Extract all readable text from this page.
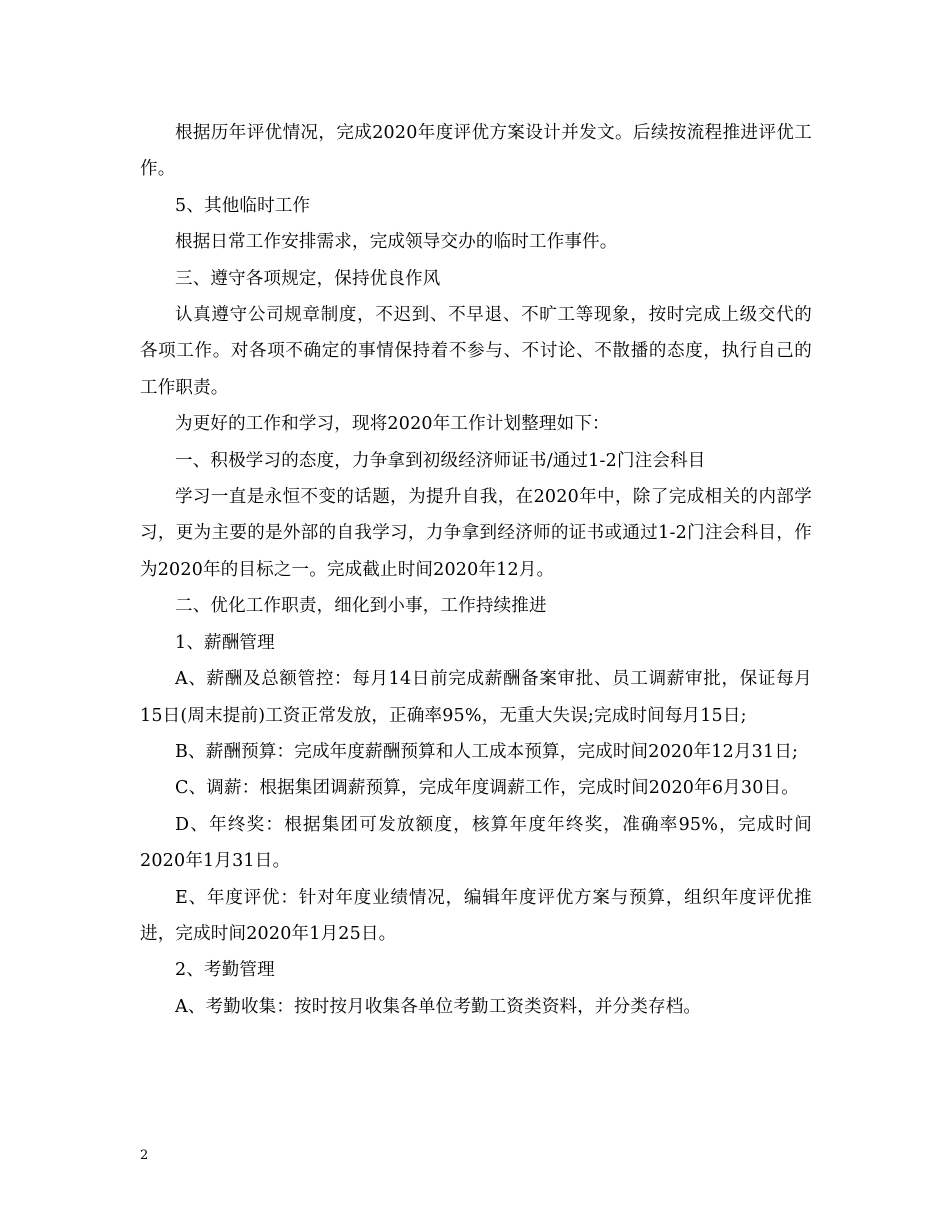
根据历年评优情况，完成2020年度评优方案设计并发文。后续按流程推进评优工作。

5、其他临时工作

根据日常工作安排需求，完成领导交办的临时工作事件。

三、遵守各项规定，保持优良作风

认真遵守公司规章制度，不迟到、不早退、不旷工等现象，按时完成上级交代的各项工作。对各项不确定的事情保持着不参与、不讨论、不散播的态度，执行自己的工作职责。

为更好的工作和学习，现将2020年工作计划整理如下：

一、积极学习的态度，力争拿到初级经济师证书/通过1-2门注会科目

学习一直是永恒不变的话题，为提升自我，在2020年中，除了完成相关的内部学习，更为主要的是外部的自我学习，力争拿到经济师的证书或通过1-2门注会科目，作为2020年的目标之一。完成截止时间2020年12月。

二、优化工作职责，细化到小事，工作持续推进

1、薪酬管理

A、薪酬及总额管控：每月14日前完成薪酬备案审批、员工调薪审批，保证每月15日(周末提前)工资正常发放，正确率95%，无重大失误;完成时间每月15日;

B、薪酬预算：完成年度薪酬预算和人工成本预算，完成时间2020年12月31日;

C、调薪：根据集团调薪预算，完成年度调薪工作，完成时间2020年6月30日。

D、年终奖：根据集团可发放额度，核算年度年终奖，准确率95%，完成时间2020年1月31日。

E、年度评优：针对年度业绩情况，编辑年度评优方案与预算，组织年度评优推进，完成时间2020年1月25日。

2、考勤管理

A、考勤收集：按时按月收集各单位考勤工资类资料，并分类存档。

2
